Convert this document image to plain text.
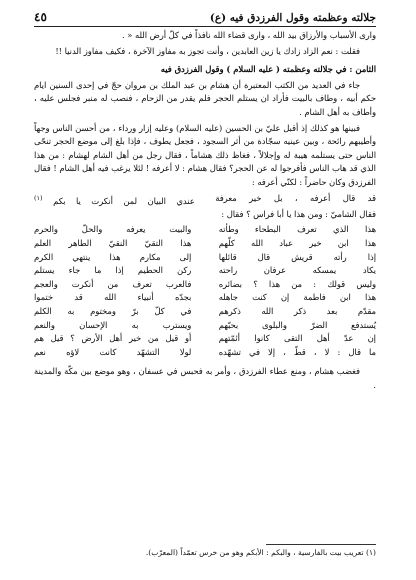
جلالته وعظمته وقول الفرزدق فيه (ع)
٤٥

وارى الأسباب والأرزاق بيد الله ، وارى قضاء الله نافذاً في كلّ أرض الله « .

فقلت : نعم الزاد زادك يا زين العابدين ، وأنت تجوز به مفاوز الآخرة ، فكيف مفاوز الدنيا !!

الثامن : في جلالته وعظمته ( عليه السلام ) وقول الفرزدق فيه

جاء في العديد من الكتب المعتبرة أن هشام بن عبد الملك بن مروان حجّ في إحدى السنين ايام حكم أبيه ، وطاف بالبيت فأراد ان يستلم الحجر فلم يقدر من الزحام ، فنصب له منبر فجلس عليه ، وأطاف به أهل الشام .

فبينها هو كذلك إذ أقبل عليّ بن الحسين (عليه السلام) وعليه إزار ورداء ، من أحسن الناس وجهاً وأطيبهم رائحة ، وبين عينيه سجّادة من أثر السجود ، فجعل يطوف ، فإذا بلغ إلى موضع الحجر تنحّى الناس حتى يستلمه هيبة له وإجلالاً ، فغاظ ذلك هشاماً ، فقال رجل من أهل الشام لهشام : من هذا الذي قد هاب الناس فأفرجوا له عن الحجر؟ فقال هشام : لا أعرفه ! لئلا يرغب فيه أهل الشام ! فقال الفرزدق وكان حاضراً : لكنّي أعرفه :

قد قال أعرفه ، بل خير معرفة
عندي البيان لمن أنكرت يا بكم $^{(١)}$

فقال الشاميّ : ومن هذا يا أبا فراس ؟ فقال :

هذا الذي تعرف البطحاء وطأته
هذا ابن خير عباد الله كلّهم
إذا رأته قريش قال قائلها
يكاد يمسكه عرفان راحته
وليس قولك : من هذا ؟ بضائره
هذا ابن فاطمة إن كنت جاهله
مقدّم بعد ذكر الله ذكرهم
يُستدفع الضرّ والبلوى بحبّهم
إن عدّ أهل التقى كانوا أئمّتهم
ما قال : لا ، قطّ ، إلا في تشهّده
والبيت يعرفه والحلّ والحرم
هذا التقيّ النقيّ الطاهر العلم
إلى مكارم هذا ينتهي الكرم
ركن الحطيم إذا ما جاء يستلم
فالعرب تعرف من أنكرت والعجم
بجدّه أنبياء الله قد ختموا
في كلّ برّ ومختوم به الكلم
ويسترب به الإحسان والنعم
أو قيل من خير أهل الأرض ؟ قيل هم
لولا التشهّد كانت لاؤه نعم

فغضب هشام ، ومنع عطاء الفرزدق ، وأمر به فحبس في عسفان ، وهو موضع بين مكّة والمدينة .

(١) تعريب بيت بالفارسية ، والبكم : الأبكم وهو من خرس تعمّداً (المعرّب).
